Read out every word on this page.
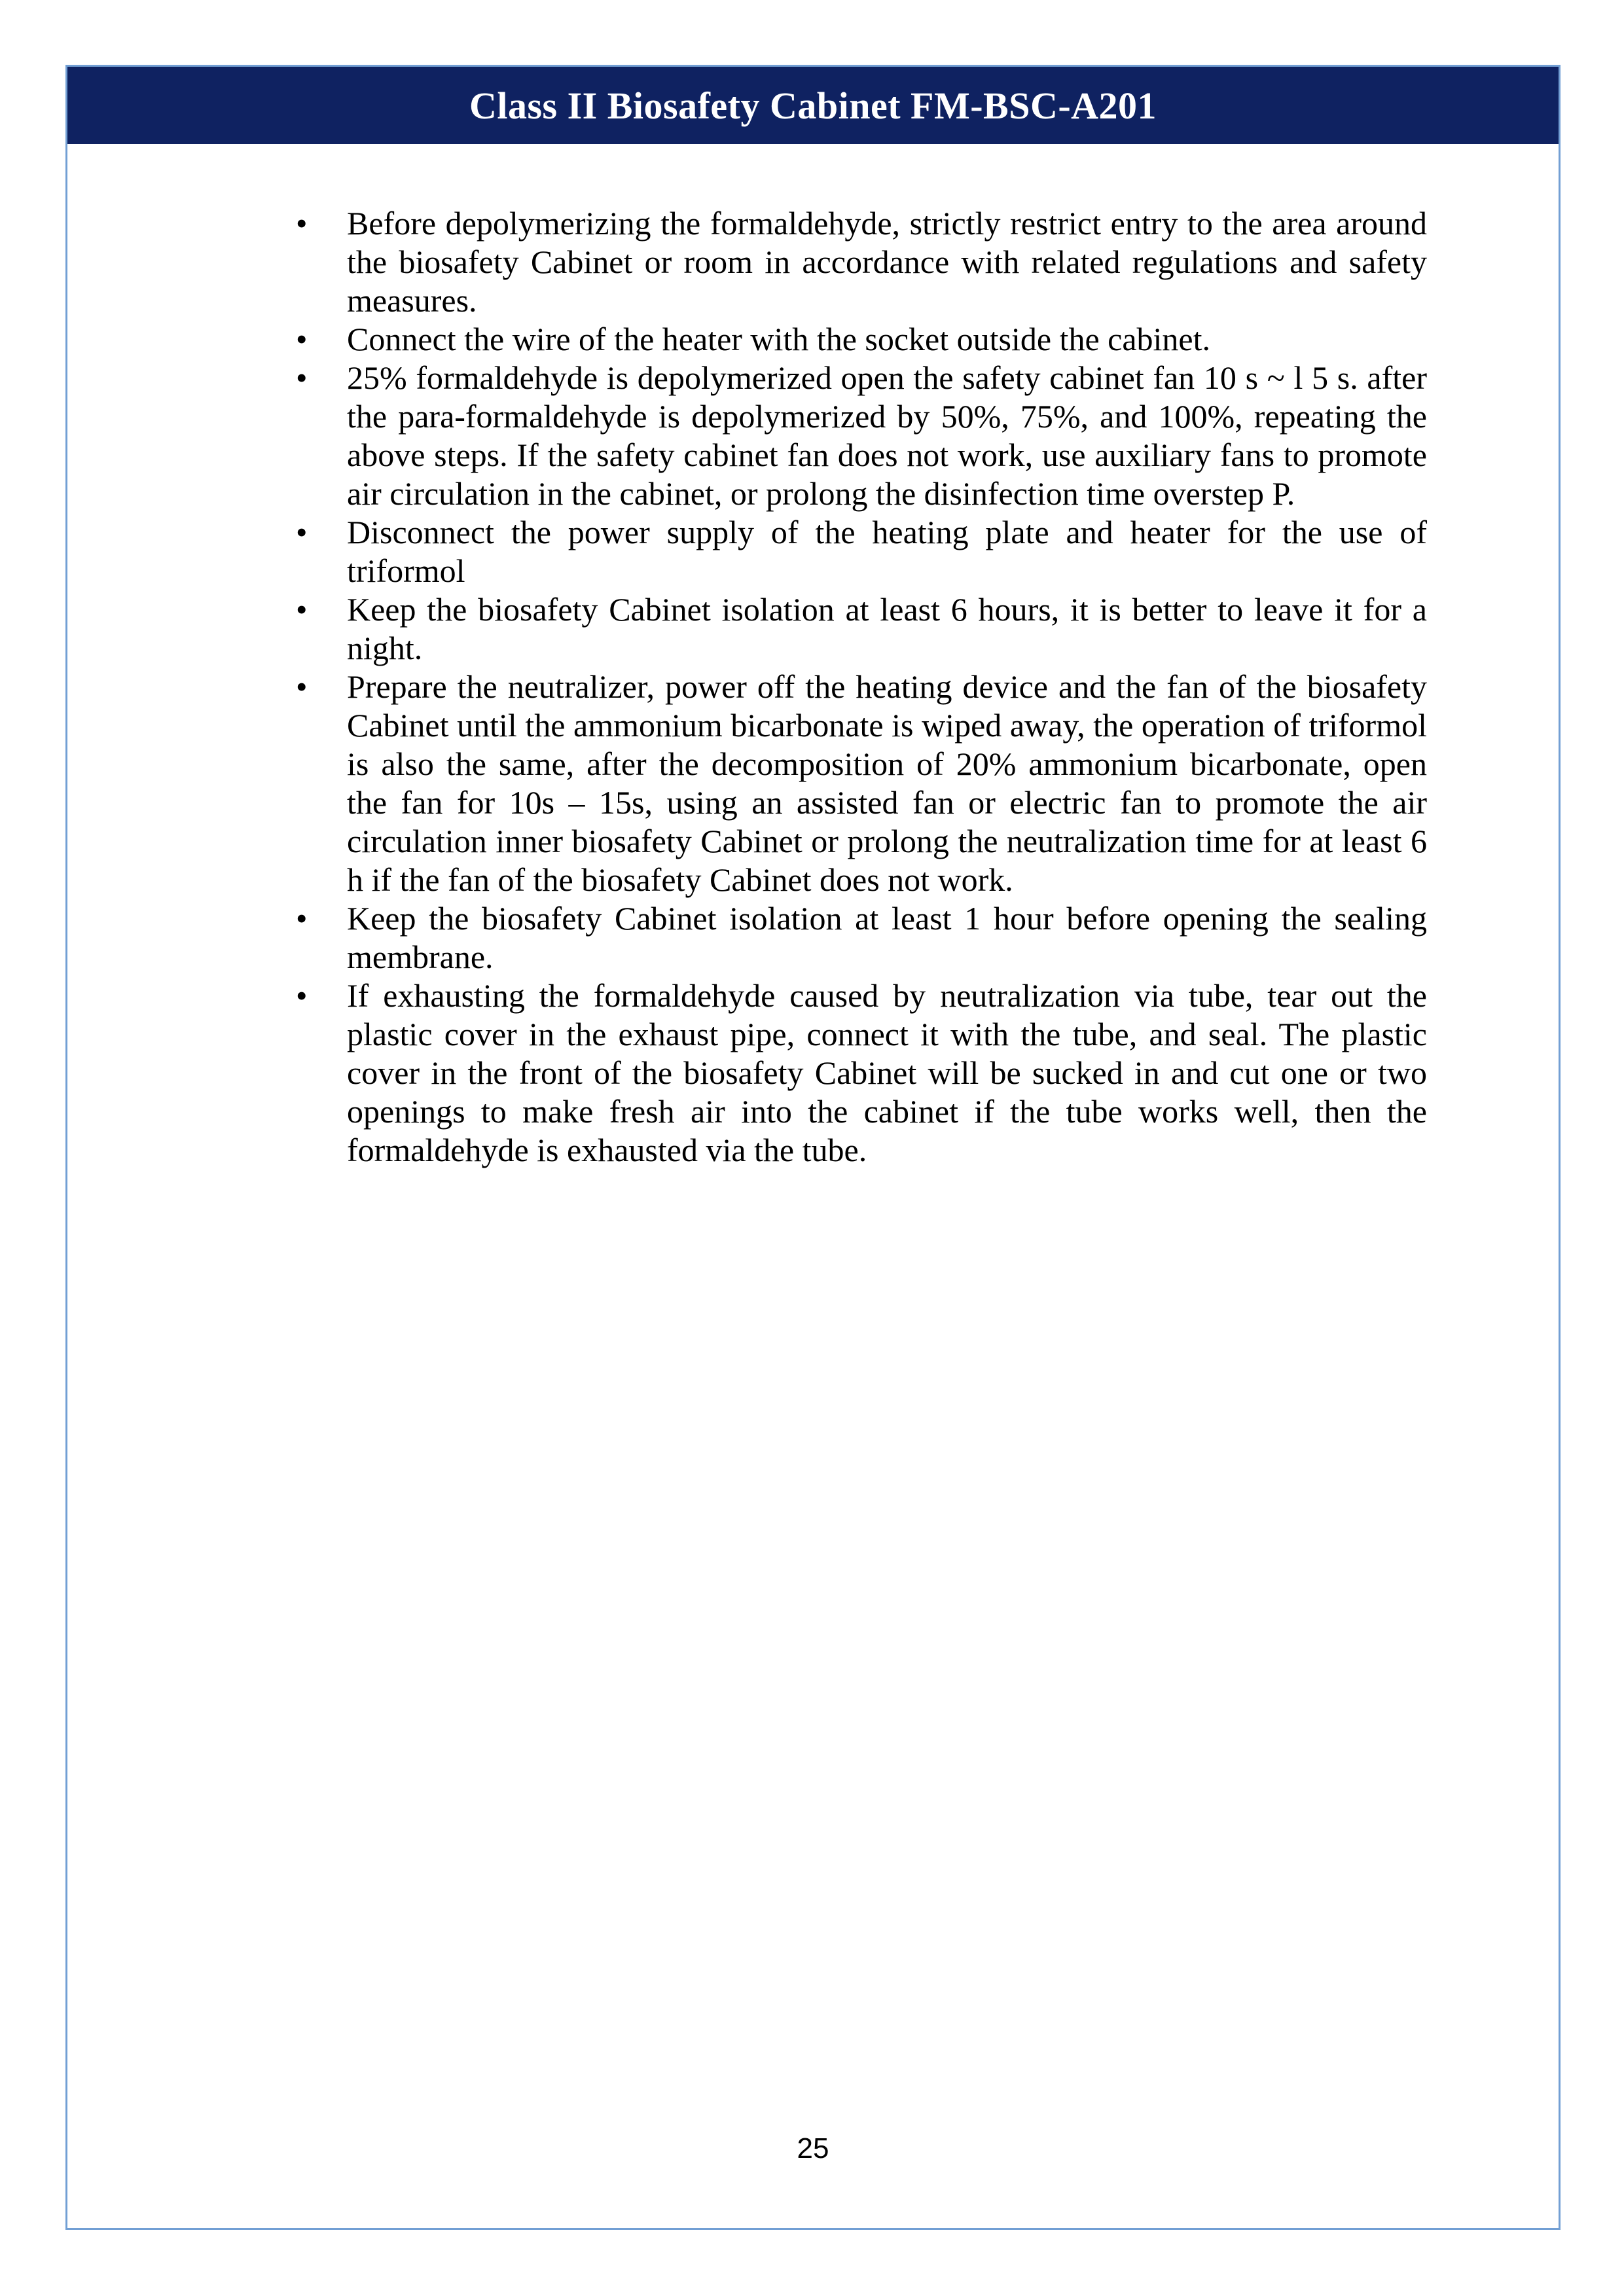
Class II Biosafety Cabinet FM-BSC-A201
• Before depolymerizing the formaldehyde, strictly restrict entry to the area around the biosafety Cabinet or room in accordance with related regulations and safety measures.
• Connect the wire of the heater with the socket outside the cabinet.
• 25% formaldehyde is depolymerized open the safety cabinet fan 10 s ~ l 5 s. after the para-formaldehyde is depolymerized by 50%, 75%, and 100%, repeating the above steps. If the safety cabinet fan does not work, use auxiliary fans to promote air circulation in the cabinet, or prolong the disinfection time overstep P.
• Disconnect the power supply of the heating plate and heater for the use of triformol
• Keep the biosafety Cabinet isolation at least 6 hours, it is better to leave it for a night.
• Prepare the neutralizer, power off the heating device and the fan of the biosafety Cabinet until the ammonium bicarbonate is wiped away, the operation of triformol is also the same, after the decomposition of 20% ammonium bicarbonate, open the fan for 10s – 15s, using an assisted fan or electric fan to promote the air circulation inner biosafety Cabinet or prolong the neutralization time for at least 6 h if the fan of the biosafety Cabinet does not work.
• Keep the biosafety Cabinet isolation at least 1 hour before opening the sealing membrane.
• If exhausting the formaldehyde caused by neutralization via tube, tear out the plastic cover in the exhaust pipe, connect it with the tube, and seal. The plastic cover in the front of the biosafety Cabinet will be sucked in and cut one or two openings to make fresh air into the cabinet if the tube works well, then the formaldehyde is exhausted via the tube.
25
